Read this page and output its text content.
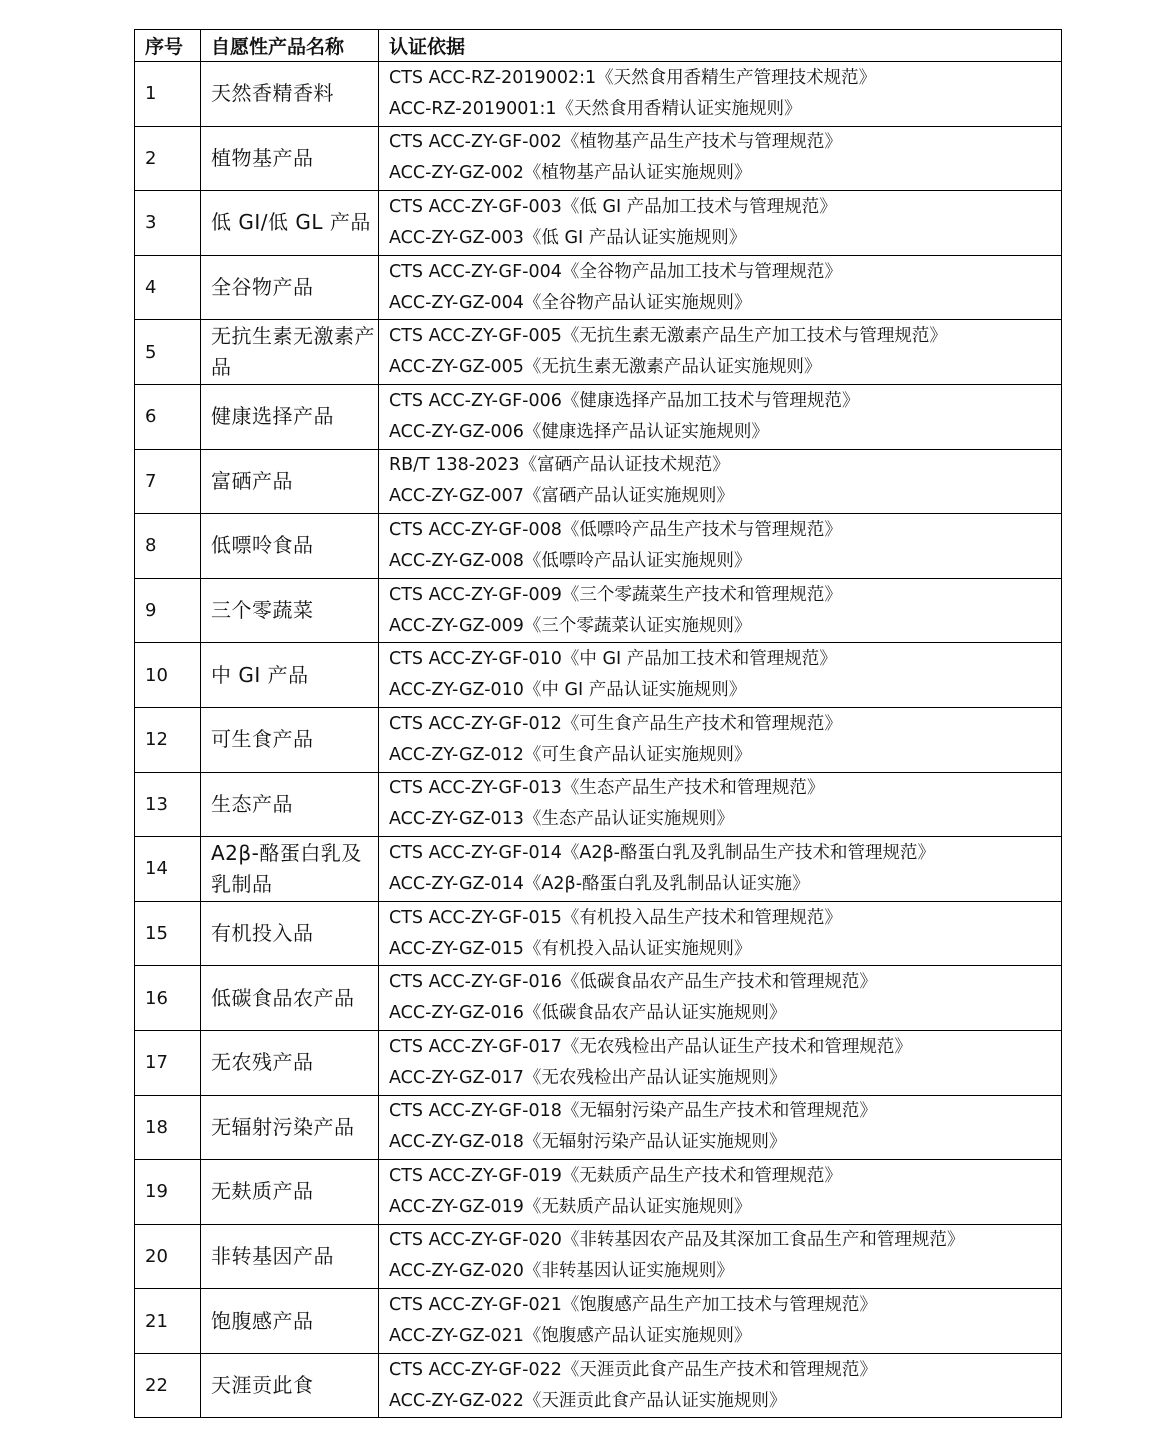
序号	自愿性产品名称	认证依据
1	天然香精香料	CTS ACC-RZ-2019002:1《天然食用香精生产管理技术规范》
ACC-RZ-2019001:1《天然食用香精认证实施规则》

2	植物基产品	CTS ACC-ZY-GF-002《植物基产品生产技术与管理规范》
ACC-ZY-GZ-002《植物基产品认证实施规则》

3	低 GI/低 GL 产品	CTS ACC-ZY-GF-003《低 GI 产品加工技术与管理规范》
ACC-ZY-GZ-003《低 GI 产品认证实施规则》

4	全谷物产品	CTS ACC-ZY-GF-004《全谷物产品加工技术与管理规范》
ACC-ZY-GZ-004《全谷物产品认证实施规则》

5	无抗生素无激素产品	CTS ACC-ZY-GF-005《无抗生素无激素产品生产加工技术与管理规范》
ACC-ZY-GZ-005《无抗生素无激素产品认证实施规则》

6	健康选择产品	CTS ACC-ZY-GF-006《健康选择产品加工技术与管理规范》
ACC-ZY-GZ-006《健康选择产品认证实施规则》

7	富硒产品	RB/T 138-2023《富硒产品认证技术规范》
ACC-ZY-GZ-007《富硒产品认证实施规则》

8	低嘌呤食品	CTS ACC-ZY-GF-008《低嘌呤产品生产技术与管理规范》
ACC-ZY-GZ-008《低嘌呤产品认证实施规则》

9	三个零蔬菜	CTS ACC-ZY-GF-009《三个零蔬菜生产技术和管理规范》
ACC-ZY-GZ-009《三个零蔬菜认证实施规则》

10	中 GI 产品	CTS ACC-ZY-GF-010《中 GI 产品加工技术和管理规范》
ACC-ZY-GZ-010《中 GI 产品认证实施规则》

12	可生食产品	CTS ACC-ZY-GF-012《可生食产品生产技术和管理规范》
ACC-ZY-GZ-012《可生食产品认证实施规则》

13	生态产品	CTS ACC-ZY-GF-013《生态产品生产技术和管理规范》
ACC-ZY-GZ-013《生态产品认证实施规则》

14	A2β-酪蛋白乳及乳制品	CTS ACC-ZY-GF-014《A2β-酪蛋白乳及乳制品生产技术和管理规范》
ACC-ZY-GZ-014《A2β-酪蛋白乳及乳制品认证实施》

15	有机投入品	CTS ACC-ZY-GF-015《有机投入品生产技术和管理规范》
ACC-ZY-GZ-015《有机投入品认证实施规则》

16	低碳食品农产品	CTS ACC-ZY-GF-016《低碳食品农产品生产技术和管理规范》
ACC-ZY-GZ-016《低碳食品农产品认证实施规则》

17	无农残产品	CTS ACC-ZY-GF-017《无农残检出产品认证生产技术和管理规范》
ACC-ZY-GZ-017《无农残检出产品认证实施规则》

18	无辐射污染产品	CTS ACC-ZY-GF-018《无辐射污染产品生产技术和管理规范》
ACC-ZY-GZ-018《无辐射污染产品认证实施规则》

19	无麸质产品	CTS ACC-ZY-GF-019《无麸质产品生产技术和管理规范》
ACC-ZY-GZ-019《无麸质产品认证实施规则》

20	非转基因产品	CTS ACC-ZY-GF-020《非转基因农产品及其深加工食品生产和管理规范》
ACC-ZY-GZ-020《非转基因认证实施规则》

21	饱腹感产品	CTS ACC-ZY-GF-021《饱腹感产品生产加工技术与管理规范》
ACC-ZY-GZ-021《饱腹感产品认证实施规则》

22	天涯贡此食	CTS ACC-ZY-GF-022《天涯贡此食产品生产技术和管理规范》
ACC-ZY-GZ-022《天涯贡此食产品认证实施规则》
